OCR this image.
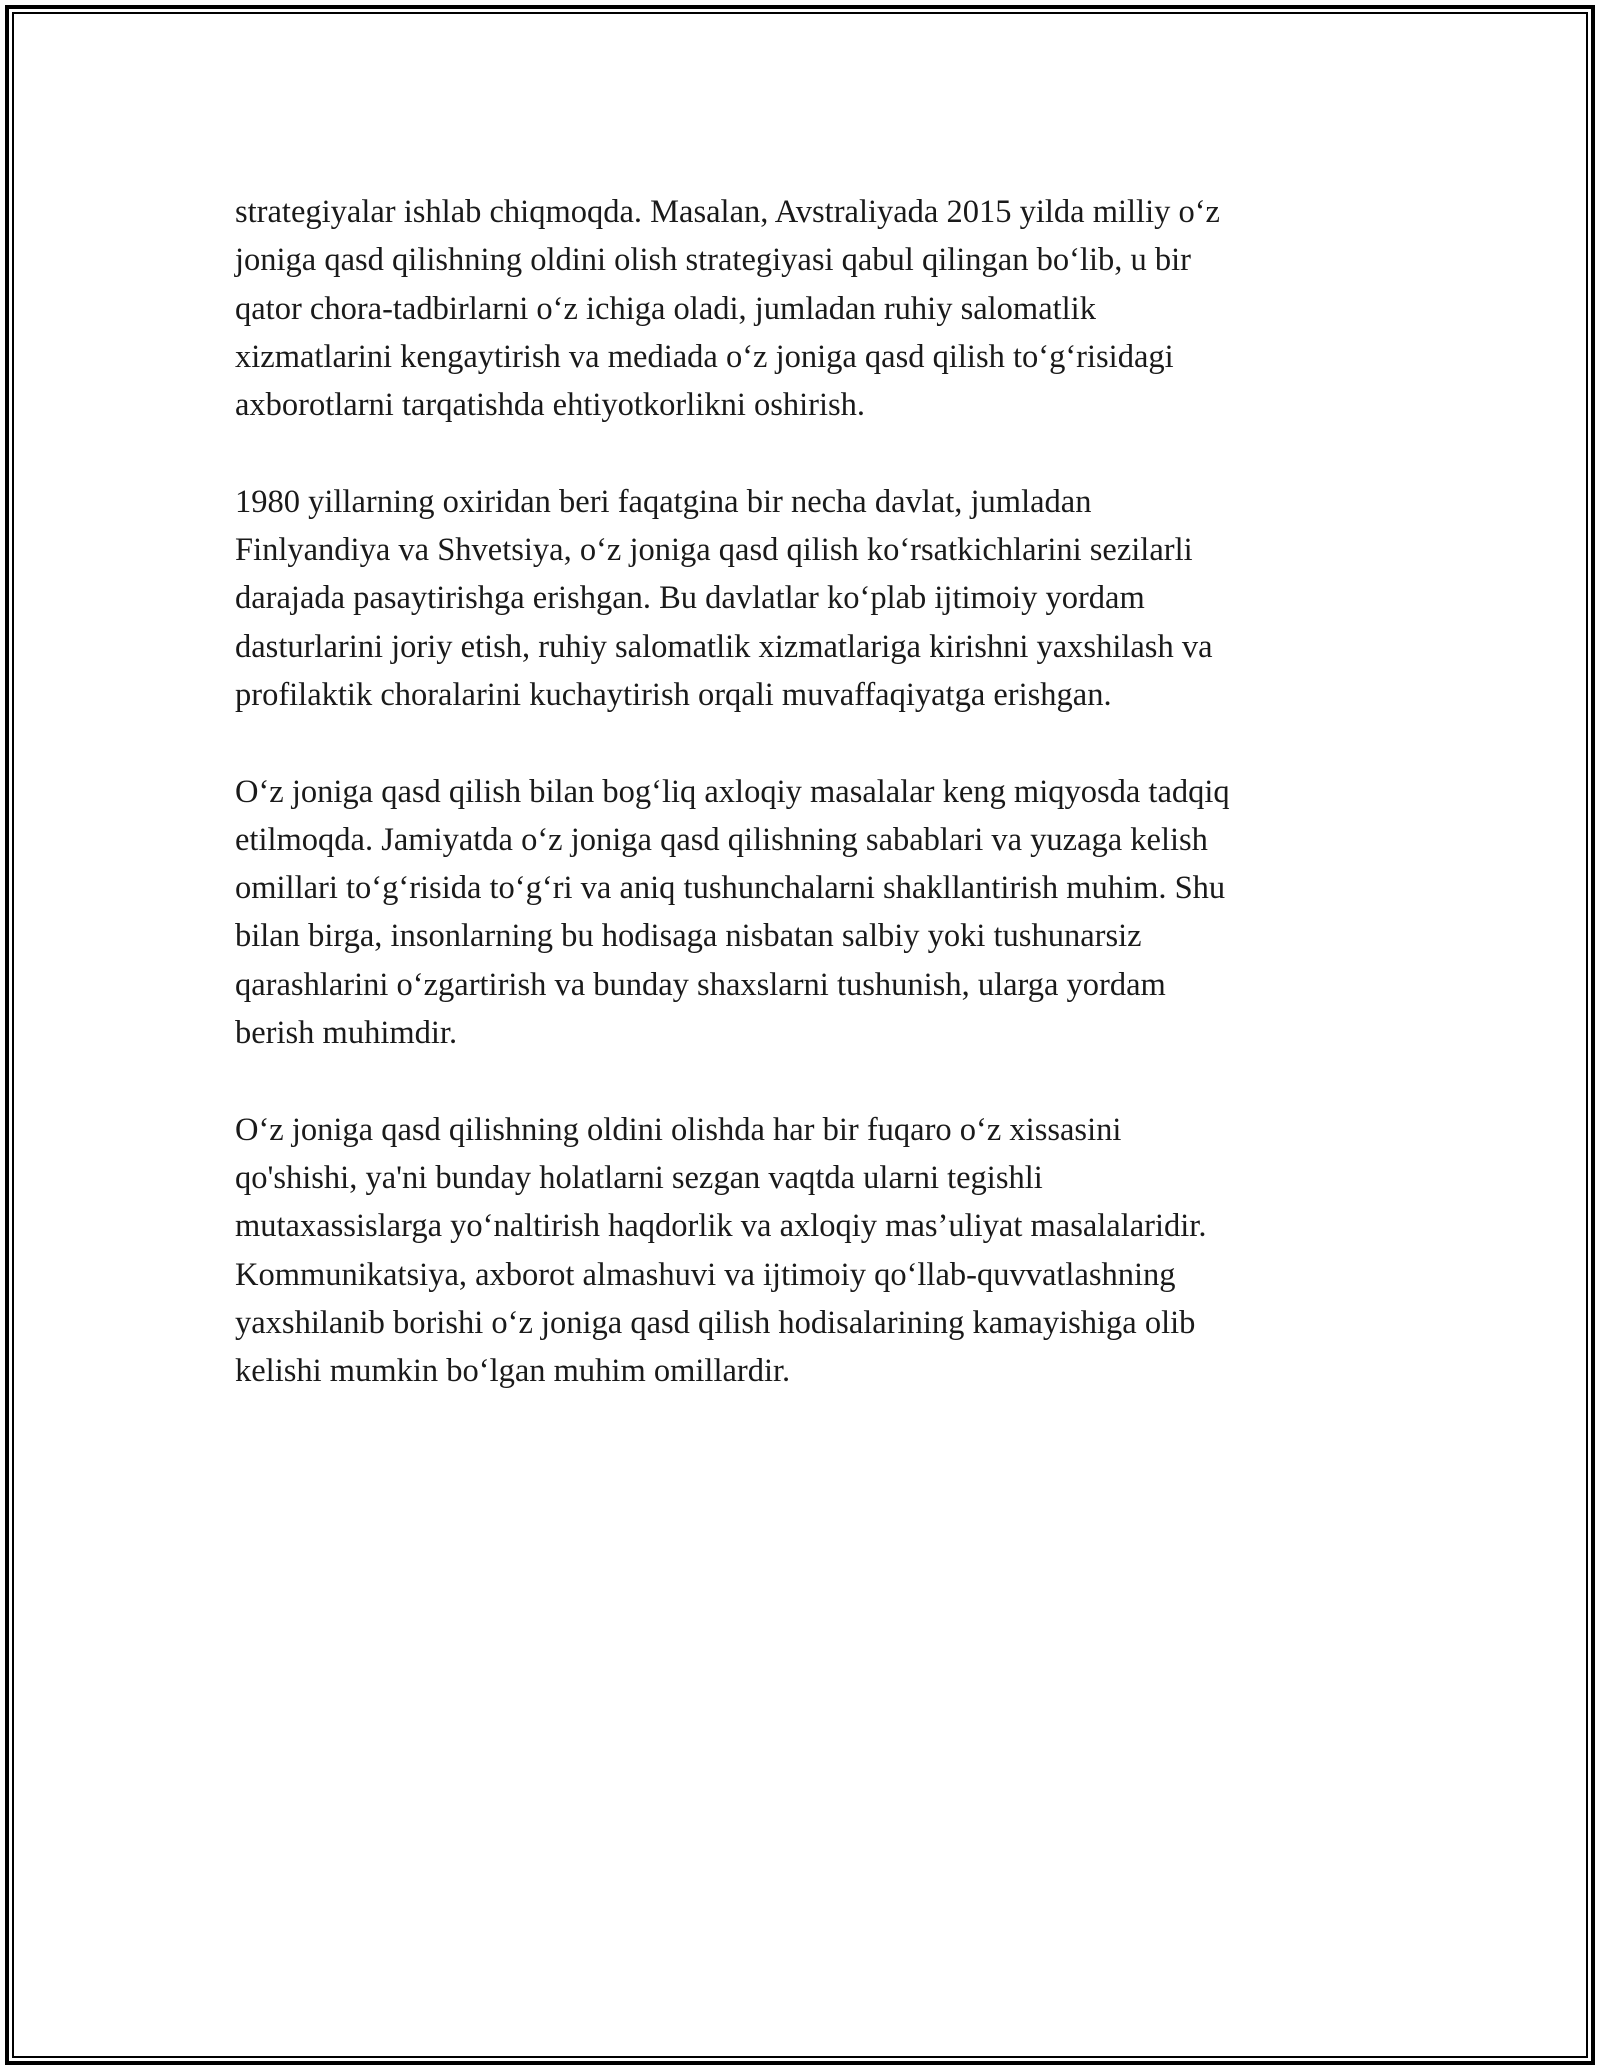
strategiyalar ishlab chiqmoqda. Masalan, Avstraliyada 2015 yilda milliy o‘z
joniga qasd qilishning oldini olish strategiyasi qabul qilingan bo‘lib, u bir
qator chora-tadbirlarni o‘z ichiga oladi, jumladan ruhiy salomatlik
xizmatlarini kengaytirish va mediada o‘z joniga qasd qilish to‘g‘risidagi
axborotlarni tarqatishda ehtiyotkorlikni oshirish.

1980 yillarning oxiridan beri faqatgina bir necha davlat, jumladan
Finlyandiya va Shvetsiya, o‘z joniga qasd qilish ko‘rsatkichlarini sezilarli
darajada pasaytirishga erishgan. Bu davlatlar ko‘plab ijtimoiy yordam
dasturlarini joriy etish, ruhiy salomatlik xizmatlariga kirishni yaxshilash va
profilaktik choralarini kuchaytirish orqali muvaffaqiyatga erishgan.

O‘z joniga qasd qilish bilan bog‘liq axloqiy masalalar keng miqyosda tadqiq
etilmoqda. Jamiyatda o‘z joniga qasd qilishning sabablari va yuzaga kelish
omillari to‘g‘risida to‘g‘ri va aniq tushunchalarni shakllantirish muhim. Shu
bilan birga, insonlarning bu hodisaga nisbatan salbiy yoki tushunarsiz
qarashlarini o‘zgartirish va bunday shaxslarni tushunish, ularga yordam
berish muhimdir.

O‘z joniga qasd qilishning oldini olishda har bir fuqaro o‘z xissasini
qo'shishi, ya'ni bunday holatlarni sezgan vaqtda ularni tegishli
mutaxassislarga yo‘naltirish haqdorlik va axloqiy mas’uliyat masalalaridir.
Kommunikatsiya, axborot almashuvi va ijtimoiy qo‘llab-quvvatlashning
yaxshilanib borishi o‘z joniga qasd qilish hodisalarining kamayishiga olib
kelishi mumkin bo‘lgan muhim omillardir.
